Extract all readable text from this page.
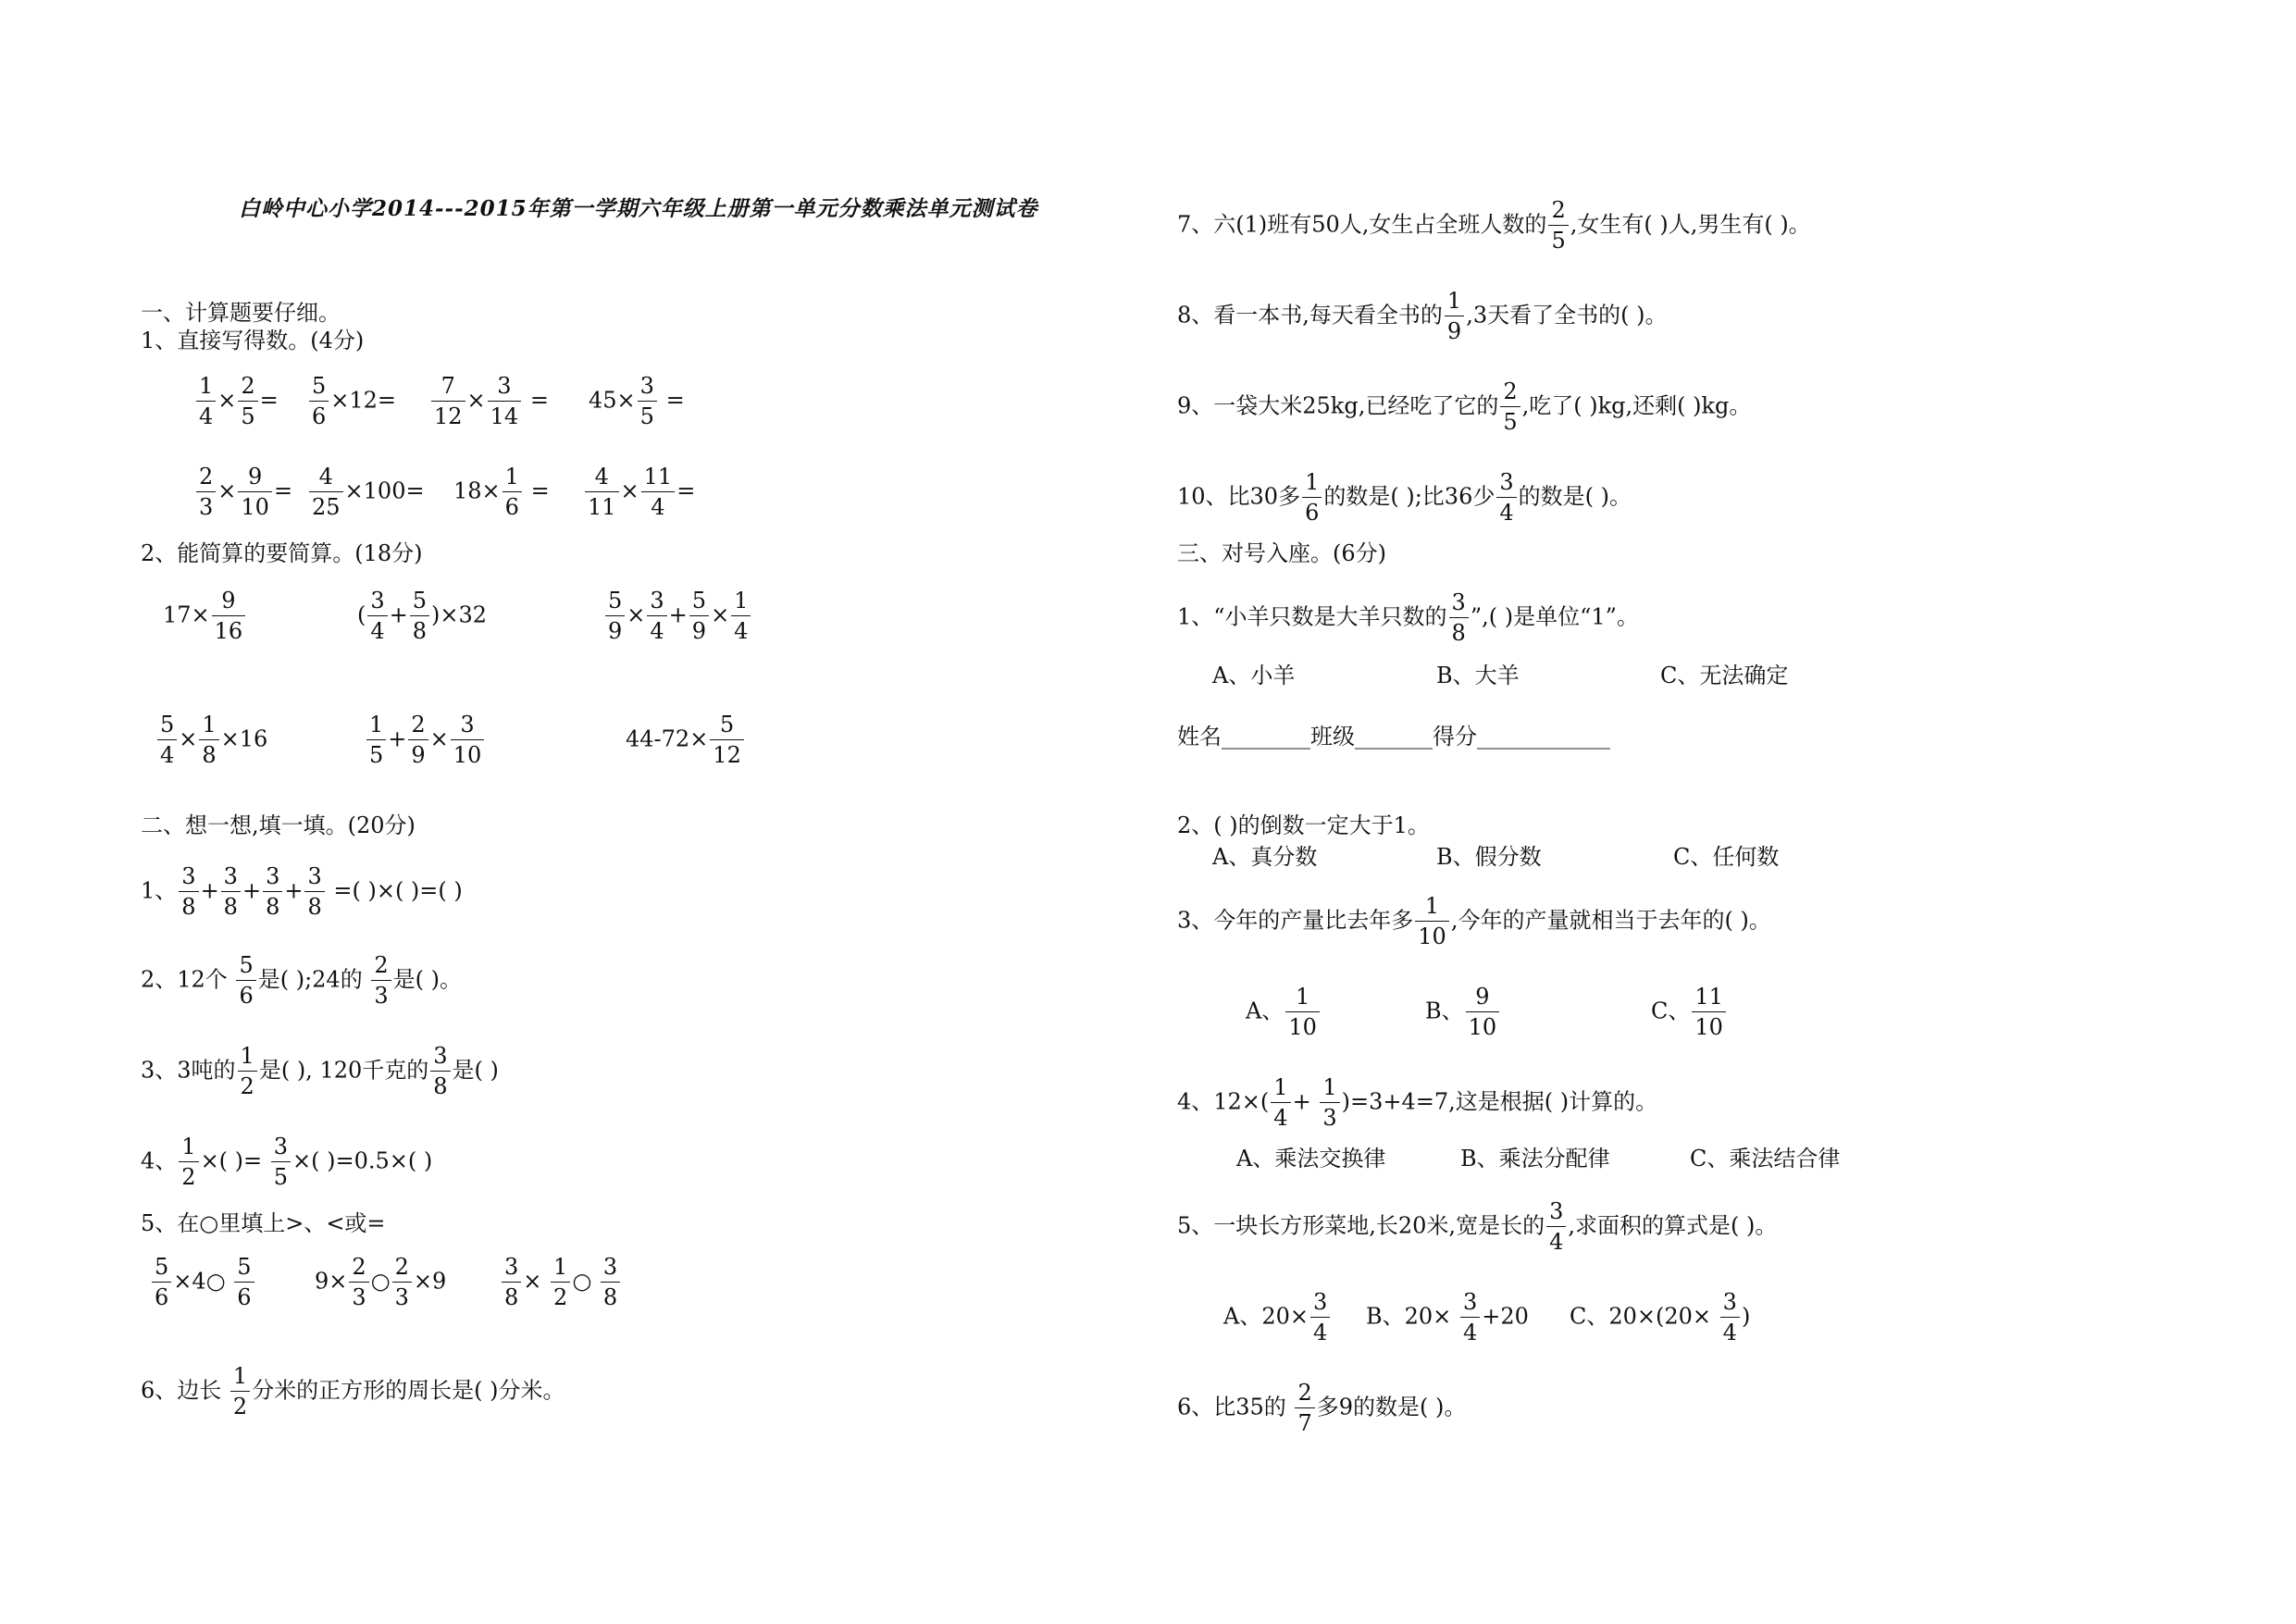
白岭中心小学2014---2015年第一学期六年级上册第一单元分数乘法单元测试卷
一、计算题要仔细。
1、直接写得数。(4分)
$\frac{1}{4} \times \frac{2}{5} = \frac{5}{6} \times 12= \frac{7}{12} \times \frac{3}{14} = 45\times \frac{3}{5}$ =
$\frac{2}{3} \times \frac{9}{10} = \frac{4}{25} \times 100= 18\times \frac{1}{6} = \frac{4}{11} \times \frac{11}{4}$ =
2、能简算的要简算。(18分)
$17\times \frac{9}{16}$	( $\frac{3}{4} + \frac{5}{8} )\times 32$	$\frac{5}{9} \times \frac{3}{4} + \frac{5}{9} \times \frac{1}{4}$
$\frac{5}{4} \times \frac{1}{8} \times 16$	$\frac{1}{5} + \frac{2}{9} \times \frac{3}{10}$	$44-72\times \frac{5}{12}$
二、想一想,填一填。(20分)
1、 $\frac{3}{8} + \frac{3}{8} + \frac{3}{8} + \frac{3}{8}$ =( )×( )=( )
2、12个 $\frac{5}{6}$ 是( );24的 $\frac{2}{3}$ 是( )。
3、3吨的 $\frac{1}{2}$ 是( ), 120千克的 $\frac{3}{8}$ 是( )
4、 $\frac{1}{2}$ ×( )= $\frac{3}{5}$ ×( )=0.5×( )
5、在○里填上>、<或=
$\frac{5}{6}$ ×4○ $\frac{5}{6}$	$9\times \frac{2}{3}$ ○ $\frac{2}{3} \times 9 \frac{3}{8} \times \frac{1}{2}$ ○ $\frac{3}{8}$
6、边长 $\frac{1}{2}$ 分米的正方形的周长是( )分米。
7、六(1)班有50人,女生占全班人数的 $\frac{2}{5}$ ,女生有( )人,男生有( )。
8、看一本书,每天看全书的 $\frac{1}{9} ,3$天看了全书的( )。
9、一袋大米25kg,已经吃了它的 $\frac{2}{5}$ ,吃了( )kg,还剩( )kg。
10、比30多 $\frac{1}{6}$ 的数是( );比36少 $\frac{3}{4}$ 的数是( )。
三、对号入座。(6分)
1、“小羊只数是大羊只数的 $\frac{3}{8}$ ”,( )是单位“1”。
A、小羊	B、大羊	C、无法确定
姓名________班级_______得分____________
2、( )的倒数一定大于1。
A、真分数	B、假分数	C、任何数
3、今年的产量比去年多 $\frac{1}{10}$ ,今年的产量就相当于去年的( )。
A、 $\frac{1}{10}$	B、 $\frac{9}{10}$	C、 $\frac{11}{10}$
4、$12\times( \frac{1}{4} + \frac{1}{3} )=3+4=7$,这是根据( )计算的。
A、乘法交换律	B、乘法分配律	C、乘法结合律
5、一块长方形菜地,长20米,宽是长的 $\frac{3}{4}$ ,求面积的算式是( )。
A、$20\times \frac{3}{4}$ B、$20\times \frac{3}{4} +20$ C、$20\times(20\times \frac{3}{4}$ )
6、比35的 $\frac{2}{7}$ 多9的数是( )。
